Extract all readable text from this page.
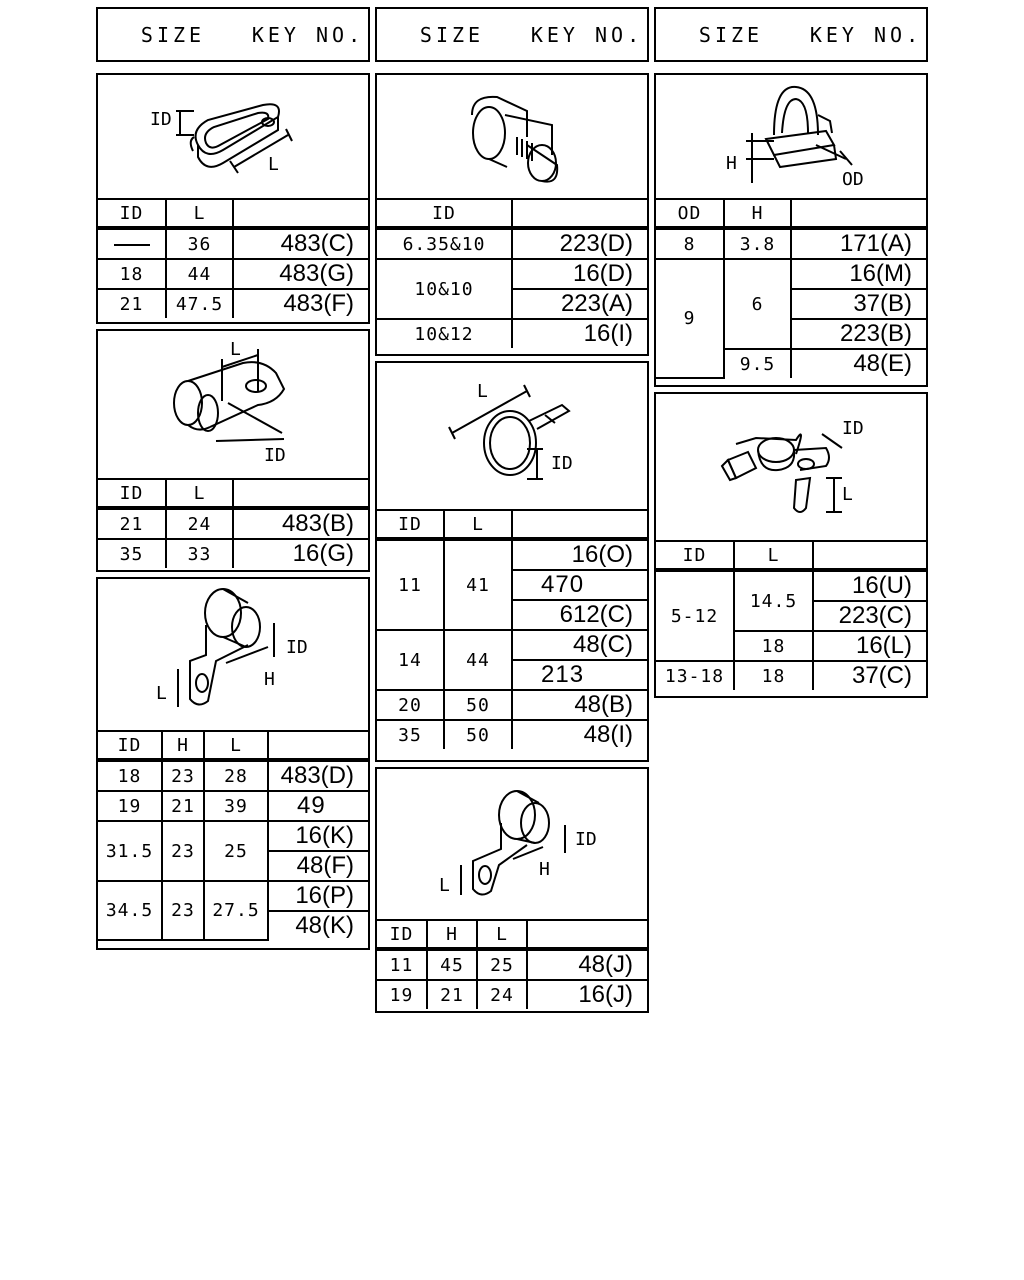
SIZE	KEY NO.	SIZE	KEY NO.	SIZE	KEY NO.
ID
L
ID	L	
	36	483(C)
18	44	483(G)
21	47.5	483(F)
L
ID
ID	L	
21	24	483(B)
35	33	16(G)
ID
H
L
ID	H	L	
18	23	28	483(D)
19	21	39	49
31.5	23	25	16(K)
			48(F)
34.5	23	27.5	16(P)
			48(K)
ID	
6.35&10	223(D)
10&10	16(D)
	223(A)
10&12	16(I)
L
ID
ID	L	
11	41	16(O)
		470
		612(C)
14	44	48(C)
		213
20	50	48(B)
35	50	48(I)
ID
H
L
ID	H	L	
11	45	25	48(J)
19	21	24	16(J)
H
OD
OD	H	
8	3.8	171(A)
9	6	16(M)
		37(B)
		223(B)
	9.5	48(E)
ID
L
ID	L	
5-12	14.5	16(U)
		223(C)
	18	16(L)
13-18	18	37(C)
